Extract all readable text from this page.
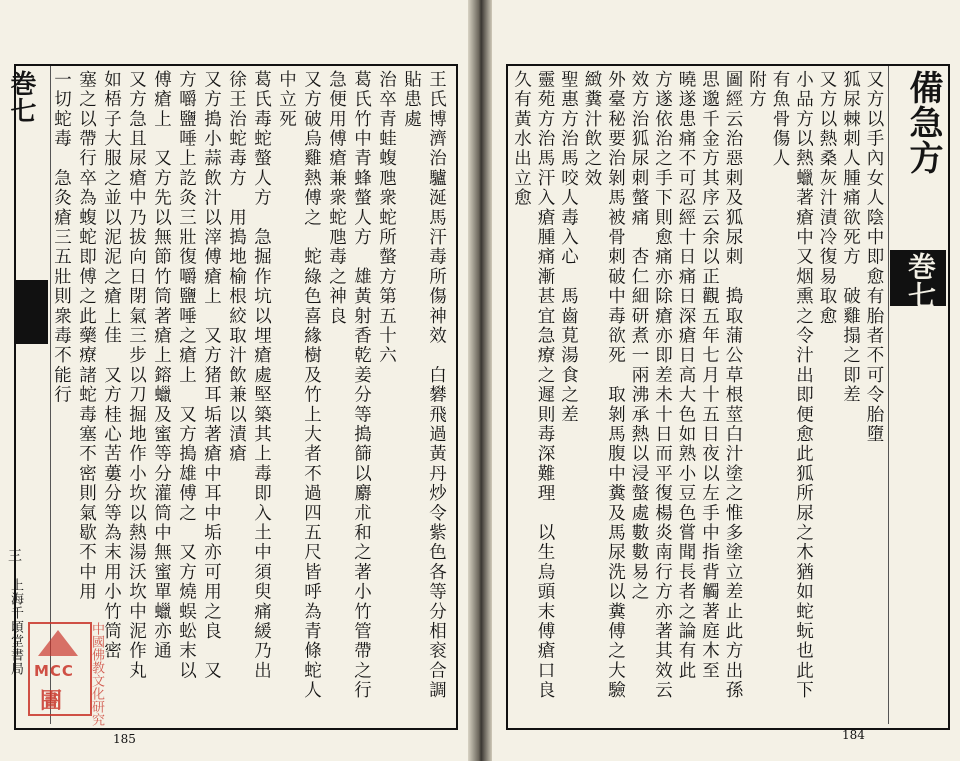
巻七
三
上海千頃堂書局	王氏博濟治驢涎馬汗毒所傷神效　白礬飛過黃丹炒令紫色各等分相衮合調
貼患處
治卒青蛙蝮虺衆蛇所螫方第五十六
葛氏竹中青蜂螫人方　雄黃射香乾姜分等搗篩以麝朮和之著小竹管帶之行
急便用傅瘡兼衆蛇虺毒之神良
又方破烏雞熱傅之　蛇綠色喜緣樹及竹上大者不過四五尺皆呼為青條蛇人
中立死
葛氏毒蛇螫人方　急掘作坑以埋瘡處堅築其上毒即入土中須臾痛緩乃出
徐王治蛇毒方　用搗地榆根絞取汁飲兼以漬瘡
又方搗小蒜飲汁以滓傅瘡上　又方猪耳垢著瘡中耳中垢亦可用之良　又
方嚼鹽唾上訖灸三壯復嚼鹽唾之瘡上　又方搗雄傅之　又方燒蜈蚣末以
傅瘡上　又方先以無節竹筒著瘡上鎔蠟及蜜等分灌筒中無蜜單蠟亦通
又方急且尿瘡中乃拔向日閉氣三步以刀掘地作小坎以熱湯沃坎中泥作丸
如梧子大服之並以泥泥之瘡上佳　又方桂心苦蔞分等為末用小竹筒密
塞之以帶行卒為蝮蛇即傅之此藥療諸蛇毒塞不密則氣歇不中用
一切蛇毒　急灸瘡三五壯則衆毒不能行
185
MCC
圕 中國佛教文化研究
備急方
巻七
又方以手內女人陰中即愈有胎者不可令胎墮
狐尿棘刺人腫痛欲死方　破雞搨之即差
又方以熱桑灰汁漬冷復易取愈
小品方以熱蠟著瘡中又烟熏之令汁出即便愈此狐所尿之木猶如蛇蚖也此下
有魚骨傷人
附方
圖經云治惡刺及狐尿刺　搗取蒲公草根莖白汁塗之惟多塗立差止此方出孫
思邈千金方其序云余以正觀五年七月十五日夜以左手中指背觸著庭木至
曉遂患痛不可忍經十日痛日深瘡日高大色如熟小豆色嘗聞長者之論有此
方遂依治之手下則愈痛亦除瘡亦即差未十日而平復楊炎南行方亦著其效云
效方治狐尿刺螫痛　杏仁細研煮一兩沸承熱以浸螫處數數易之
外臺秘要治剝馬被骨刺破中毒欲死　取剝馬腹中糞及馬尿洗以糞傅之大驗
緻糞汁飲之效
聖惠方治馬咬人毒入心　馬齒莧湯食之差
靈苑方治馬汗入瘡腫痛漸甚宜急療之遲則毒深難理　以生烏頭末傅瘡口良
久有黃水出立愈
184
